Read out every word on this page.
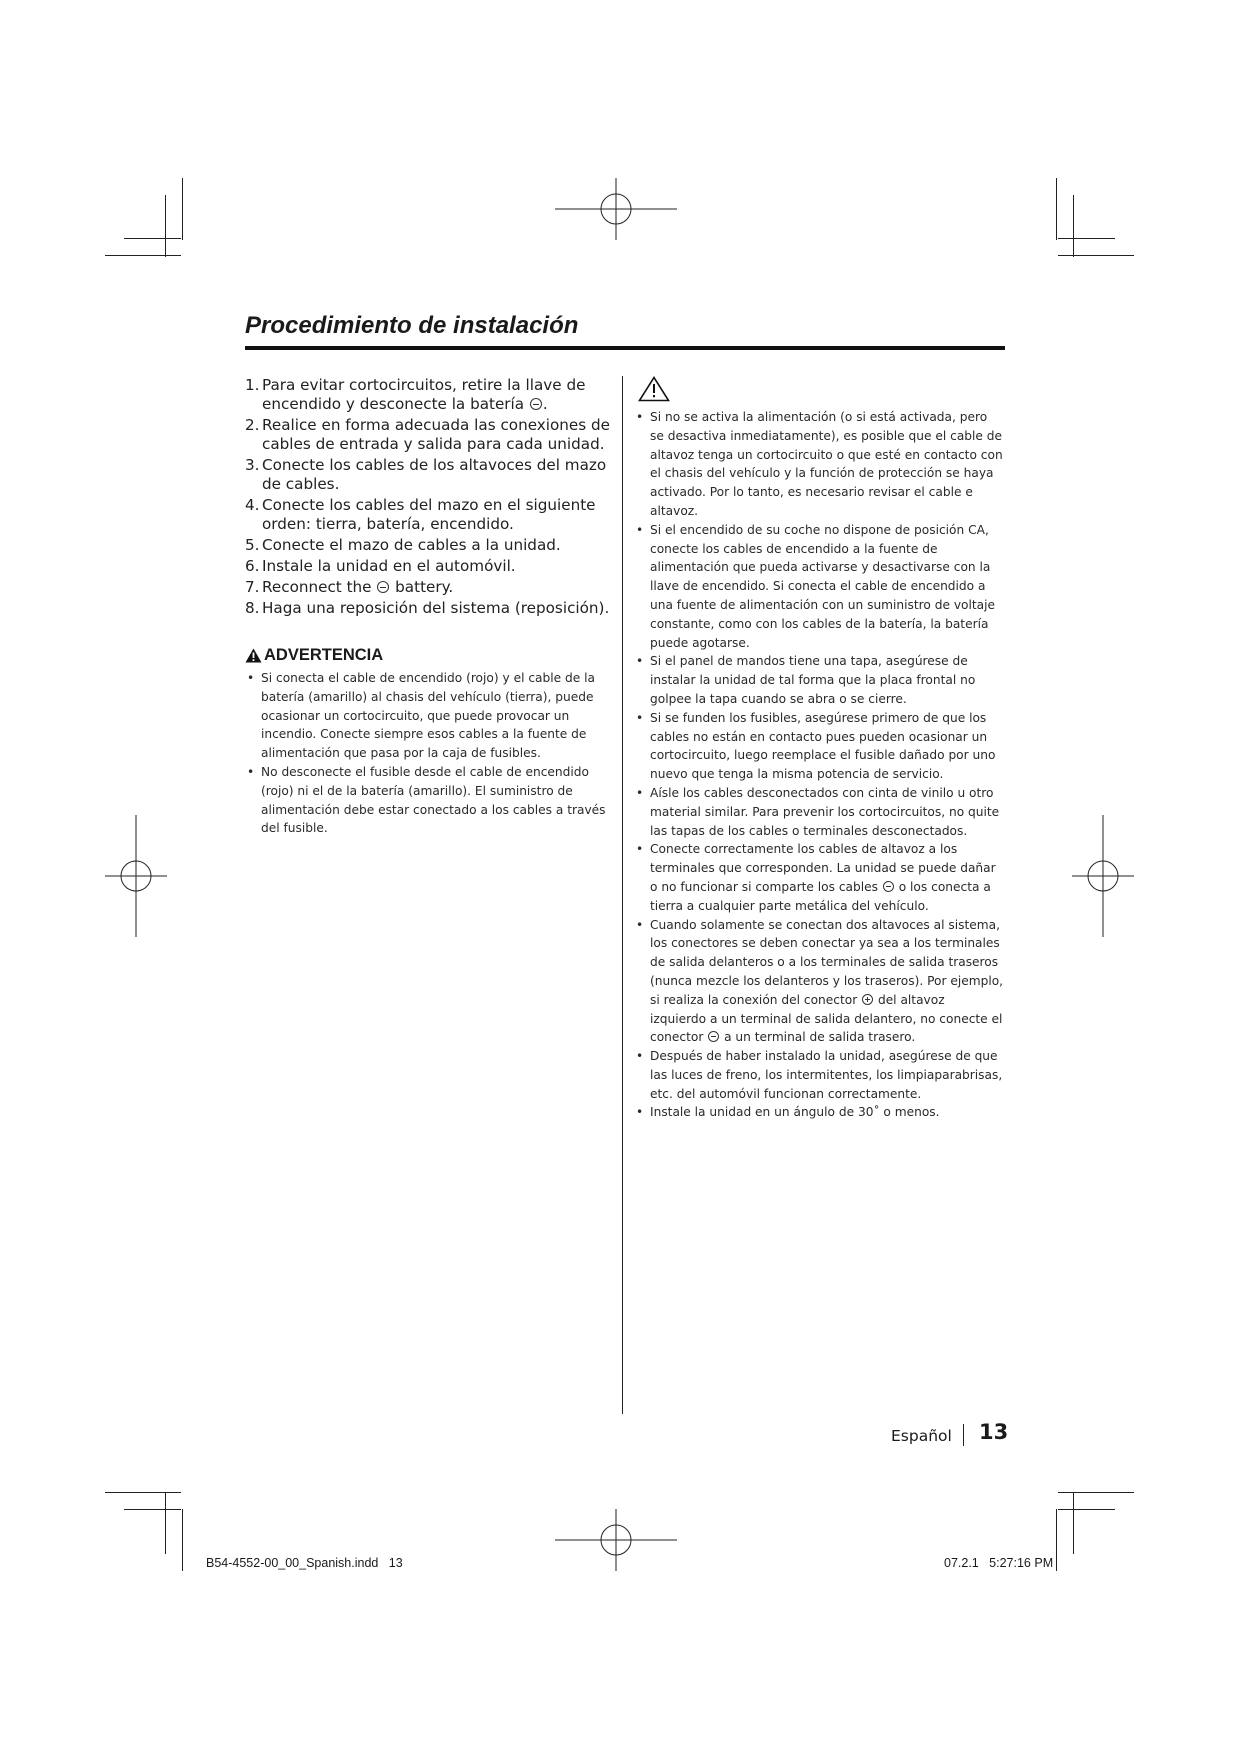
Procedimiento de instalación
1. Para evitar cortocircuitos, retire la llave de encendido y desconecte la batería .
2. Realice en forma adecuada las conexiones de cables de entrada y salida para cada unidad.
3. Conecte los cables de los altavoces del mazo de cables.
4. Conecte los cables del mazo en el siguiente orden: tierra, batería, encendido.
5. Conecte el mazo de cables a la unidad.
6. Instale la unidad en el automóvil.
7. Reconnect the  battery.
8. Haga una reposición del sistema (reposición).
ADVERTENCIA
• Si conecta el cable de encendido (rojo) y el cable de la batería (amarillo) al chasis del vehículo (tierra), puede ocasionar un cortocircuito, que puede provocar un incendio. Conecte siempre esos cables a la fuente de alimentación que pasa por la caja de fusibles.
• No desconecte el fusible desde el cable de encendido (rojo) ni el de la batería (amarillo). El suministro de alimentación debe estar conectado a los cables a través del fusible.
• Si no se activa la alimentación (o si está activada, pero se desactiva inmediatamente), es posible que el cable de altavoz tenga un cortocircuito o que esté en contacto con el chasis del vehículo y la función de protección se haya activado. Por lo tanto, es necesario revisar el cable e altavoz.
• Si el encendido de su coche no dispone de posición CA, conecte los cables de encendido a la fuente de alimentación que pueda activarse y desactivarse con la llave de encendido. Si conecta el cable de encendido a una fuente de alimentación con un suministro de voltaje constante, como con los cables de la batería, la batería puede agotarse.
• Si el panel de mandos tiene una tapa, asegúrese de instalar la unidad de tal forma que la placa frontal no golpee la tapa cuando se abra o se cierre.
• Si se funden los fusibles, asegúrese primero de que los cables no están en contacto pues pueden ocasionar un cortocircuito, luego reemplace el fusible dañado por uno nuevo que tenga la misma potencia de servicio.
• Aísle los cables desconectados con cinta de vinilo u otro material similar. Para prevenir los cortocircuitos, no quite las tapas de los cables o terminales desconectados.
• Conecte correctamente los cables de altavoz a los terminales que corresponden. La unidad se puede dañar o no funcionar si comparte los cables  o los conecta a tierra a cualquier parte metálica del vehículo.
• Cuando solamente se conectan dos altavoces al sistema, los conectores se deben conectar ya sea a los terminales de salida delanteros o a los terminales de salida traseros (nunca mezcle los delanteros y los traseros). Por ejemplo, si realiza la conexión del conector  del altavoz izquierdo a un terminal de salida delantero, no conecte el conector  a un terminal de salida trasero.
• Después de haber instalado la unidad, asegúrese de que las luces de freno, los intermitentes, los limpiaparabrisas, etc. del automóvil funcionan correctamente.
• Instale la unidad en un ángulo de 30˚ o menos.
Español 13
B54-4552-00_00_Spanish.indd   13	07.2.1   5:27:16 PM
